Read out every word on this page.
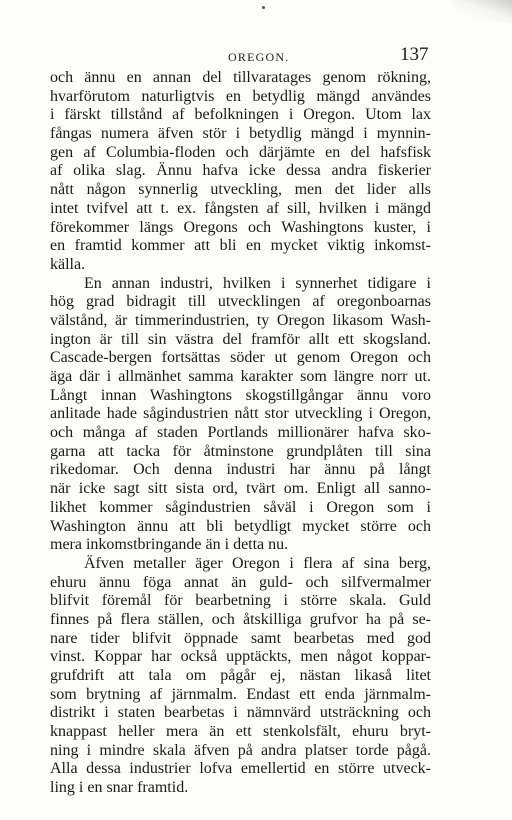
OREGON.	137
och ännu en annan del tillvaratages genom rökning,
hvarförutom naturligtvis en betydlig mängd användes
i färskt tillstånd af befolkningen i Oregon. Utom lax
fångas numera äfven stör i betydlig mängd i mynnin-
gen af Columbia-floden och därjämte en del hafsfisk
af olika slag. Ännu hafva icke dessa andra fiskerier
nått någon synnerlig utveckling, men det lider alls
intet tvifvel att t. ex. fångsten af sill, hvilken i mängd
förekommer längs Oregons och Washingtons kuster, i
en framtid kommer att bli en mycket viktig inkomst-
källa.
En annan industri, hvilken i synnerhet tidigare i
hög grad bidragit till utvecklingen af oregonboarnas
välstånd, är timmerindustrien, ty Oregon likasom Wash-
ington är till sin västra del framför allt ett skogsland.
Cascade-bergen fortsättas söder ut genom Oregon och
äga där i allmänhet samma karakter som längre norr ut.
Långt innan Washingtons skogstillgångar ännu voro
anlitade hade sågindustrien nått stor utveckling i Oregon,
och många af staden Portlands millionärer hafva sko-
garna att tacka för åtminstone grundplåten till sina
rikedomar. Och denna industri har ännu på långt
när icke sagt sitt sista ord, tvärt om. Enligt all sanno-
likhet kommer sågindustrien såväl i Oregon som i
Washington ännu att bli betydligt mycket större och
mera inkomstbringande än i detta nu.
Äfven metaller äger Oregon i flera af sina berg,
ehuru ännu föga annat än guld- och silfvermalmer
blifvit föremål för bearbetning i större skala. Guld
finnes på flera ställen, och åtskilliga grufvor ha på se-
nare tider blifvit öppnade samt bearbetas med god
vinst. Koppar har också upptäckts, men något koppar-
grufdrift att tala om pågår ej, nästan likaså litet
som brytning af järnmalm. Endast ett enda järnmalm-
distrikt i staten bearbetas i nämnvärd utsträckning och
knappast heller mera än ett stenkolsfält, ehuru bryt-
ning i mindre skala äfven på andra platser torde pågå.
Alla dessa industrier lofva emellertid en större utveck-
ling i en snar framtid.
